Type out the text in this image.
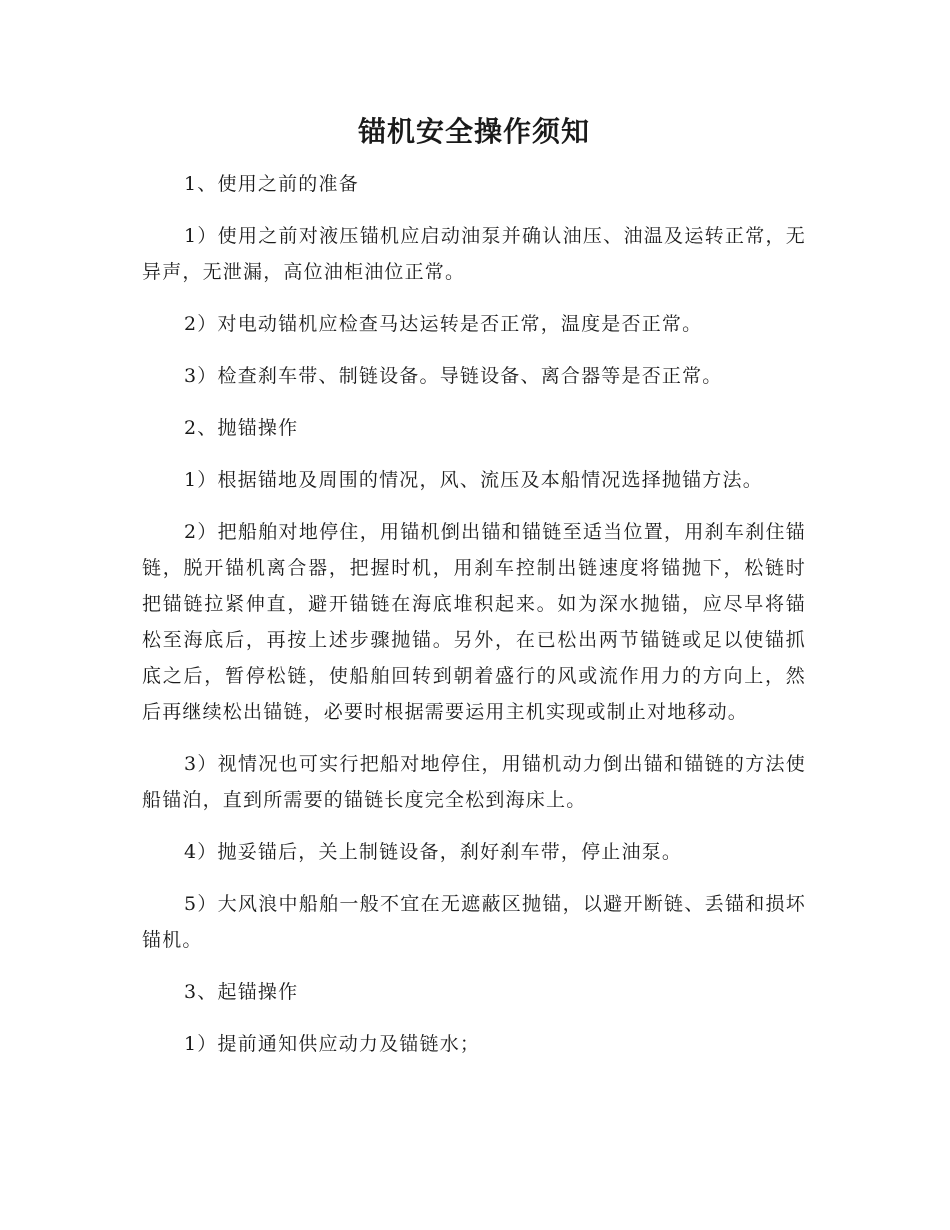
锚机安全操作须知

1、使用之前的准备

1）使用之前对液压锚机应启动油泵并确认油压、油温及运转正常，无异声，无泄漏，高位油柜油位正常。

2）对电动锚机应检查马达运转是否正常，温度是否正常。

3）检查刹车带、制链设备。导链设备、离合器等是否正常。

2、抛锚操作

1）根据锚地及周围的情况，风、流压及本船情况选择抛锚方法。

2）把船舶对地停住，用锚机倒出锚和锚链至适当位置，用刹车刹住锚链，脱开锚机离合器，把握时机，用刹车控制出链速度将锚抛下，松链时把锚链拉紧伸直，避开锚链在海底堆积起来。如为深水抛锚，应尽早将锚松至海底后，再按上述步骤抛锚。另外，在已松出两节锚链或足以使锚抓底之后，暂停松链，使船舶回转到朝着盛行的风或流作用力的方向上，然后再继续松出锚链，必要时根据需要运用主机实现或制止对地移动。

3）视情况也可实行把船对地停住，用锚机动力倒出锚和锚链的方法使船锚泊，直到所需要的锚链长度完全松到海床上。

4）抛妥锚后，关上制链设备，刹好刹车带，停止油泵。

5）大风浪中船舶一般不宜在无遮蔽区抛锚，以避开断链、丢锚和损坏锚机。

3、起锚操作

1）提前通知供应动力及锚链水；
